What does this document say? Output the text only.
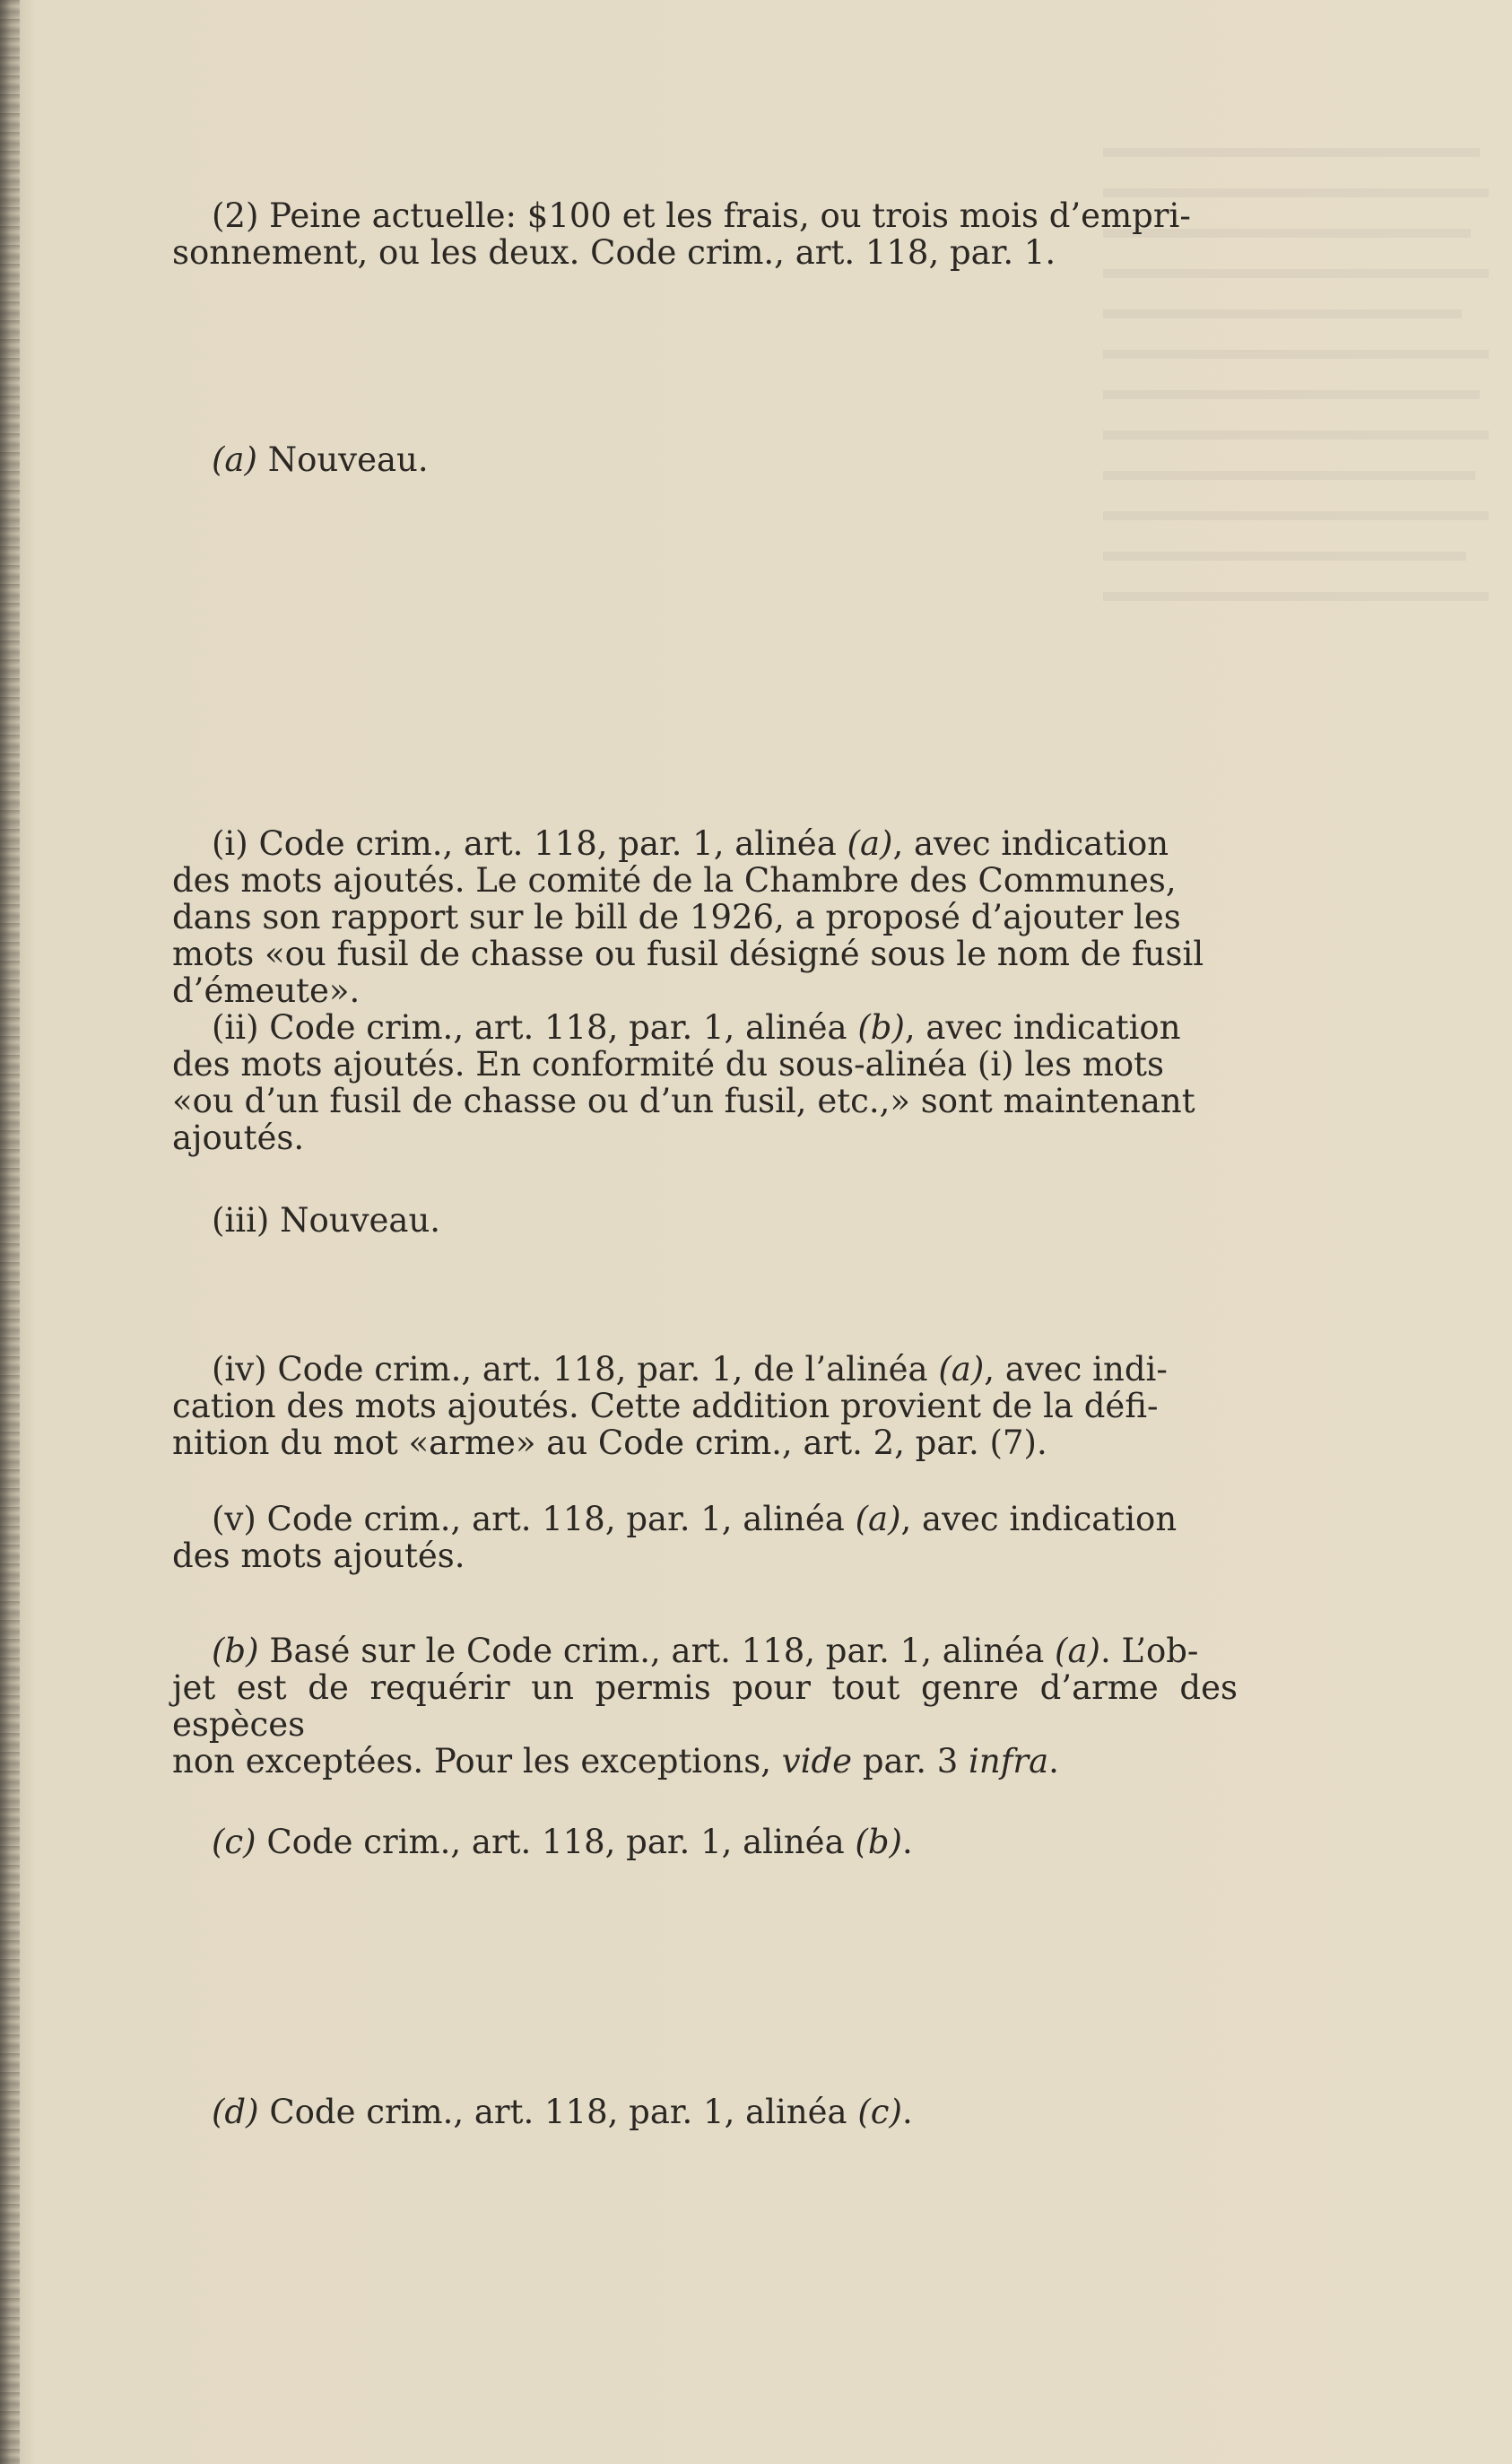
(2) Peine actuelle: $100 et les frais, ou trois mois d’empri-
sonnement, ou les deux. Code crim., art. 118, par. 1.

(a) Nouveau.

(i) Code crim., art. 118, par. 1, alinéa (a), avec indication
des mots ajoutés. Le comité de la Chambre des Communes,
dans son rapport sur le bill de 1926, a proposé d’ajouter les
mots «ou fusil de chasse ou fusil désigné sous le nom de fusil
d’émeute».

(ii) Code crim., art. 118, par. 1, alinéa (b), avec indication
des mots ajoutés. En conformité du sous-alinéa (i) les mots
«ou d’un fusil de chasse ou d’un fusil, etc.,» sont maintenant
ajoutés.

(iii) Nouveau.

(iv) Code crim., art. 118, par. 1, de l’alinéa (a), avec indi-
cation des mots ajoutés. Cette addition provient de la défi-
nition du mot «arme» au Code crim., art. 2, par. (7).

(v) Code crim., art. 118, par. 1, alinéa (a), avec indication
des mots ajoutés.

(b) Basé sur le Code crim., art. 118, par. 1, alinéa (a). L’ob-
jet est de requérir un permis pour tout genre d’arme des espèces
non exceptées. Pour les exceptions, vide par. 3 infra.

(c) Code crim., art. 118, par. 1, alinéa (b).

(d) Code crim., art. 118, par. 1, alinéa (c).
